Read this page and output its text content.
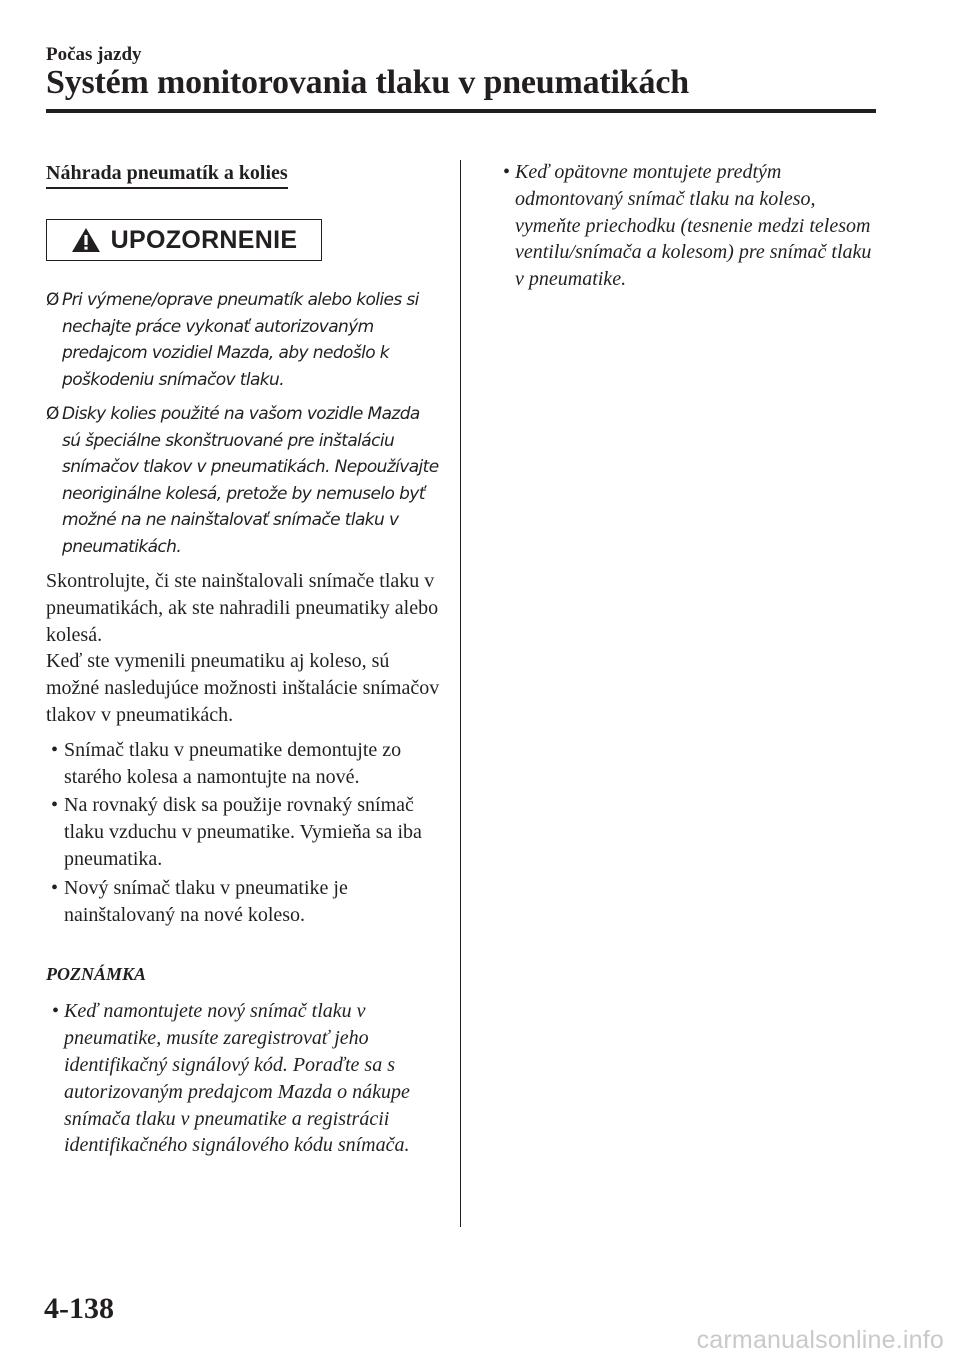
Počas jazdy
Systém monitorovania tlaku v pneumatikách
Náhrada pneumatík a kolies
UPOZORNENIE
Ø Pri výmene/oprave pneumatík alebo kolies si nechajte práce vykonať autorizovaným predajcom vozidiel Mazda, aby nedošlo k poškodeniu snímačov tlaku.
Ø Disky kolies použité na vašom vozidle Mazda sú špeciálne skonštruované pre inštaláciu snímačov tlakov v pneumatikách. Nepoužívajte neoriginálne kolesá, pretože by nemuselo byť možné na ne nainštalovať snímače tlaku v pneumatikách.

Skontrolujte, či ste nainštalovali snímače tlaku v pneumatikách, ak ste nahradili pneumatiky alebo kolesá.

Keď ste vymenili pneumatiku aj koleso, sú možné nasledujúce možnosti inštalácie snímačov tlakov v pneumatikách.

• Snímač tlaku v pneumatike demontujte zo starého kolesa a namontujte na nové.
• Na rovnaký disk sa použije rovnaký snímač tlaku vzduchu v pneumatike. Vymieňa sa iba pneumatika.
• Nový snímač tlaku v pneumatike je nainštalovaný na nové koleso.
POZNÁMKA
• Keď namontujete nový snímač tlaku v pneumatike, musíte zaregistrovať jeho identifikačný signálový kód. Poraďte sa s autorizovaným predajcom Mazda o nákupe snímača tlaku v pneumatike a registrácii identifikačného signálového kódu snímača.
• Keď opätovne montujete predtým odmontovaný snímač tlaku na koleso, vymeňte priechodku (tesnenie medzi telesom ventilu/snímača a kolesom) pre snímač tlaku v pneumatike.
4-138
carmanualsonline.info
